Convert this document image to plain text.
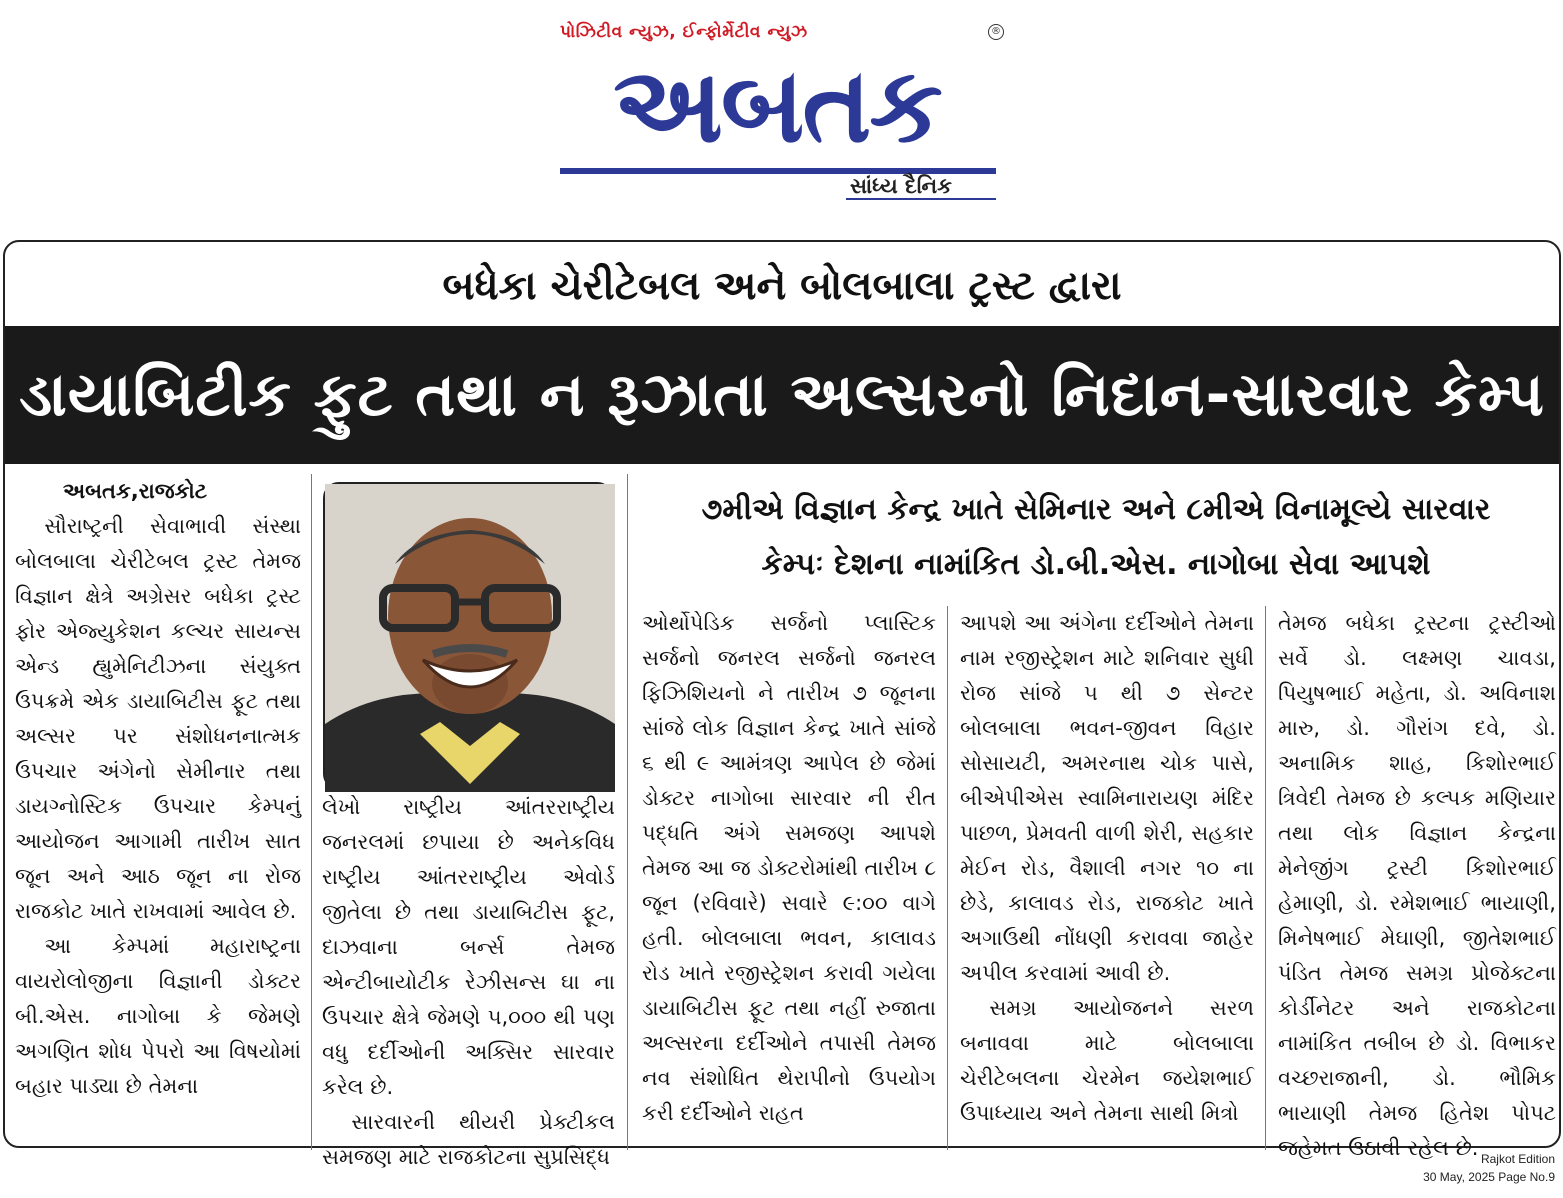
પોઝિટીવ ન્યુઝ, ઈન્ફોર્મેટીવ ન્યુઝ	®
અબતક
સાંધ્ય દૈનિક
બધેકા ચેરીટેબલ અને બોલબાલા ટ્રસ્ટ દ્વારા
ડાયાબિટીક ફુટ તથા ન રૂઝાતા અલ્સરનો નિદાન-સારવાર કેમ્પ

અબતક,રાજકોટ

સૌરાષ્ટ્રની સેવાભાવી સંસ્થા બોલબાલા ચેરીટેબલ ટ્રસ્ટ તેમજ વિજ્ઞાન ક્ષેત્રે અગ્રેસર બધેકા ટ્રસ્ટ ફોર એજ્યુકેશન કલ્ચર સાયન્સ એન્ડ હ્યુમેનિટીઝના સંયુક્ત ઉપક્રમે એક ડાયાબિટીસ ફૂટ તથા અલ્સર પર સંશોધનનાત્મક ઉપચાર અંગેનો સેમીનાર તથા ડાયગ્નોસ્ટિક ઉપચાર કેમ્પનું આયોજન આગામી તારીખ સાત જૂન અને આઠ જૂન ના રોજ રાજકોટ ખાતે રાખવામાં આવેલ છે.

આ કેમ્પમાં મહારાષ્ટ્રના વાયરોલોજીના વિજ્ઞાની ડોક્ટર બી.એસ. નાગોબા કે જેમણે અગણિત શોધ પેપરો આ વિષયોમાં બહાર પાડ્યા છે તેમના

લેખો રાષ્ટ્રીય આંતરરાષ્ટ્રીય જનરલમાં છપાયા છે અનેકવિધ રાષ્ટ્રીય આંતરરાષ્ટ્રીય એવોર્ડ જીતેલા છે તથા ડાયાબિટીસ ફૂટ, દાઝવાના બર્ન્સ તેમજ એન્ટીબાયોટીક રેઝીસન્સ ઘા ના ઉપચાર ક્ષેત્રે જેમણે ૫,૦૦૦ થી પણ વધુ દર્દીઓની અક્સિર સારવાર કરેલ છે.

સારવારની થીયરી પ્રેક્ટીકલ સમજણ માટે રાજકોટના સુપ્રસિદ્ધ

૭મીએ વિજ્ઞાન કેન્દ્ર ખાતે સેમિનાર અને ૮મીએ વિનામૂલ્યે સારવાર
કેમ્પઃ દેશના નામાંકિત ડો.બી.એસ. નાગોબા સેવા આપશે

ઓર્થોપેડિક સર્જનો પ્લાસ્ટિક સર્જનો જનરલ સર્જનો જનરલ ફિઝિશિયનો ને તારીખ ૭ જૂનના સાંજે લોક વિજ્ઞાન કેન્દ્ર ખાતે સાંજે ૬ થી ૯ આમંત્રણ આપેલ છે જેમાં ડોક્ટર નાગોબા સારવાર ની રીત પદ્ધતિ અંગે સમજણ આપશે તેમજ આ જ ડોક્ટરોમાંથી તારીખ ૮ જૂન (રવિવારે) સવારે ૯:૦૦ વાગે હતી. બોલબાલા ભવન, કાલાવડ રોડ ખાતે રજીસ્ટ્રેશન કરાવી ગયેલા ડાયાબિટીસ ફૂટ તથા નહીં રુજાતા અલ્સરના દર્દીઓને તપાસી તેમજ નવ સંશોધિત થેરાપીનો ઉપયોગ કરી દર્દીઓને રાહત

આપશે આ અંગેના દર્દીઓને તેમના નામ રજીસ્ટ્રેશન માટે શનિવાર સુધી રોજ સાંજે ૫ થી ૭ સેન્ટર બોલબાલા ભવન-જીવન વિહાર સોસાયટી, અમરનાથ ચોક પાસે, બીએપીએસ સ્વામિનારાયણ મંદિર પાછળ, પ્રેમવતી વાળી શેરી, સહકાર મેઈન રોડ, વૈશાલી નગર ૧૦ ના છેડે, કાલાવડ રોડ, રાજકોટ ખાતે અગાઉથી નોંધણી કરાવવા જાહેર અપીલ કરવામાં આવી છે.

સમગ્ર આયોજનને સરળ બનાવવા માટે બોલબાલા ચેરીટેબલના ચેરમેન જયેશભાઈ ઉપાધ્યાય અને તેમના સાથી મિત્રો

તેમજ બધેકા ટ્રસ્ટના ટ્રસ્ટીઓ સર્વે ડો. લક્ષ્મણ ચાવડા, પિયુષભાઈ મહેતા, ડો. અવિનાશ મારુ, ડો. ગૌરાંગ દવે, ડો. અનામિક શાહ, કિશોરભાઈ ત્રિવેદી તેમજ છે કલ્પક મણિયાર તથા લોક વિજ્ઞાન કેન્દ્રના મેનેજીંગ ટ્રસ્ટી કિશોરભાઈ હેમાણી, ડો. રમેશભાઈ ભાયાણી, મિનેષભાઈ મેઘાણી, જીતેશભાઈ પંડિત તેમજ સમગ્ર પ્રોજેક્ટના કોર્ડીનેટર અને રાજકોટના નામાંકિત તબીબ છે ડો. વિભાકર વચ્છરાજાની, ડો. ભૌમિક ભાયાણી તેમજ હિતેશ પોપટ જહેમત ઉઠાવી રહેલ છે. Rajkot Edition
30 May, 2025 Page No.9
